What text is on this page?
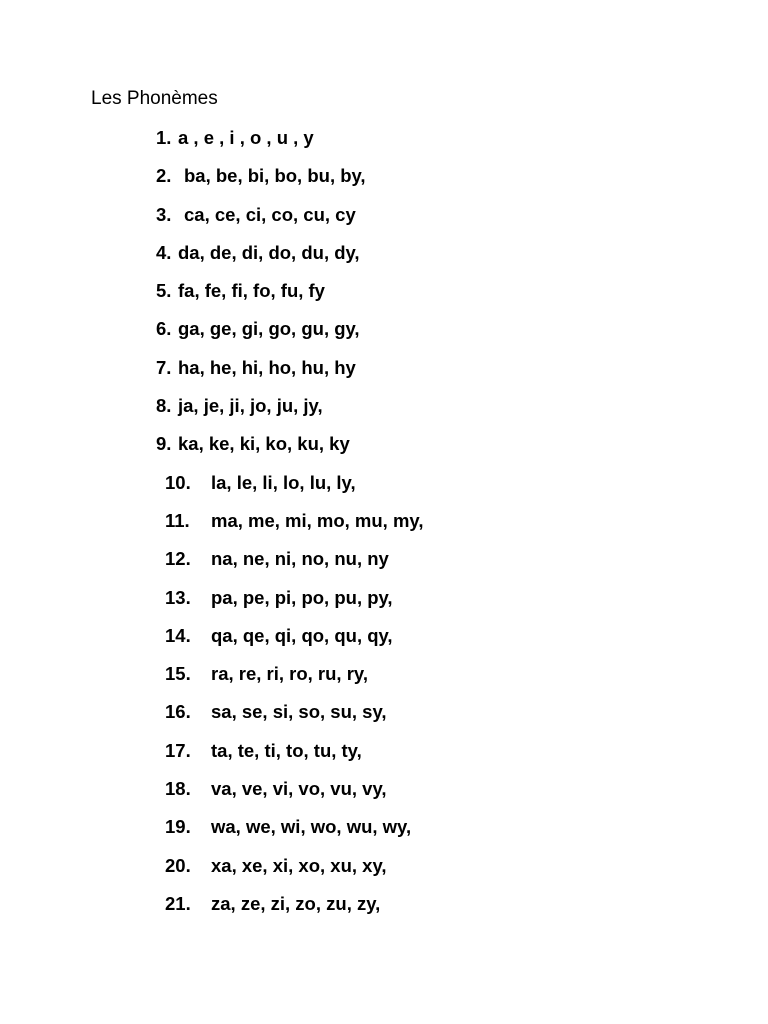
Les Phonèmes
1. a , e , i , o , u , y
2. ba, be, bi, bo, bu, by,
3. ca, ce, ci, co, cu, cy
4. da, de, di, do, du, dy,
5. fa, fe, fi, fo, fu, fy
6. ga, ge, gi, go, gu, gy,
7. ha, he, hi, ho, hu, hy
8. ja, je, ji, jo, ju, jy,
9. ka, ke, ki, ko, ku, ky
10. la, le, li, lo, lu, ly,
11. ma, me, mi, mo, mu, my,
12. na, ne, ni, no, nu, ny
13. pa, pe, pi, po, pu, py,
14. qa, qe, qi, qo, qu, qy,
15. ra, re, ri, ro, ru, ry,
16. sa, se, si, so, su, sy,
17. ta, te, ti, to, tu, ty,
18. va, ve, vi, vo, vu, vy,
19. wa, we, wi, wo, wu, wy,
20. xa, xe, xi, xo, xu, xy,
21. za, ze, zi, zo, zu, zy,
